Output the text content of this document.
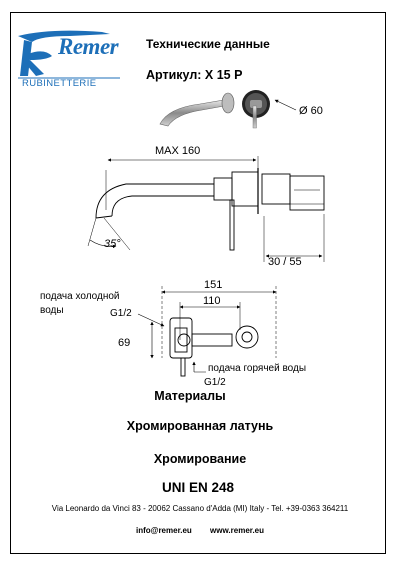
Remer
RUBINETTERIE
Технические данные
Артикул: X 15 P
Ø 60
MAX 160
35°
30 / 55
151
110
69
подача холодной
воды	G1/2
подача горячей воды
G1/2
Материалы
Хромированная латунь
Хромирование
UNI EN 248
Via Leonardo da Vinci 83 - 20062 Cassano d'Adda (MI) Italy - Tel. +39-0363 364211
info@remer.eu www.remer.eu
